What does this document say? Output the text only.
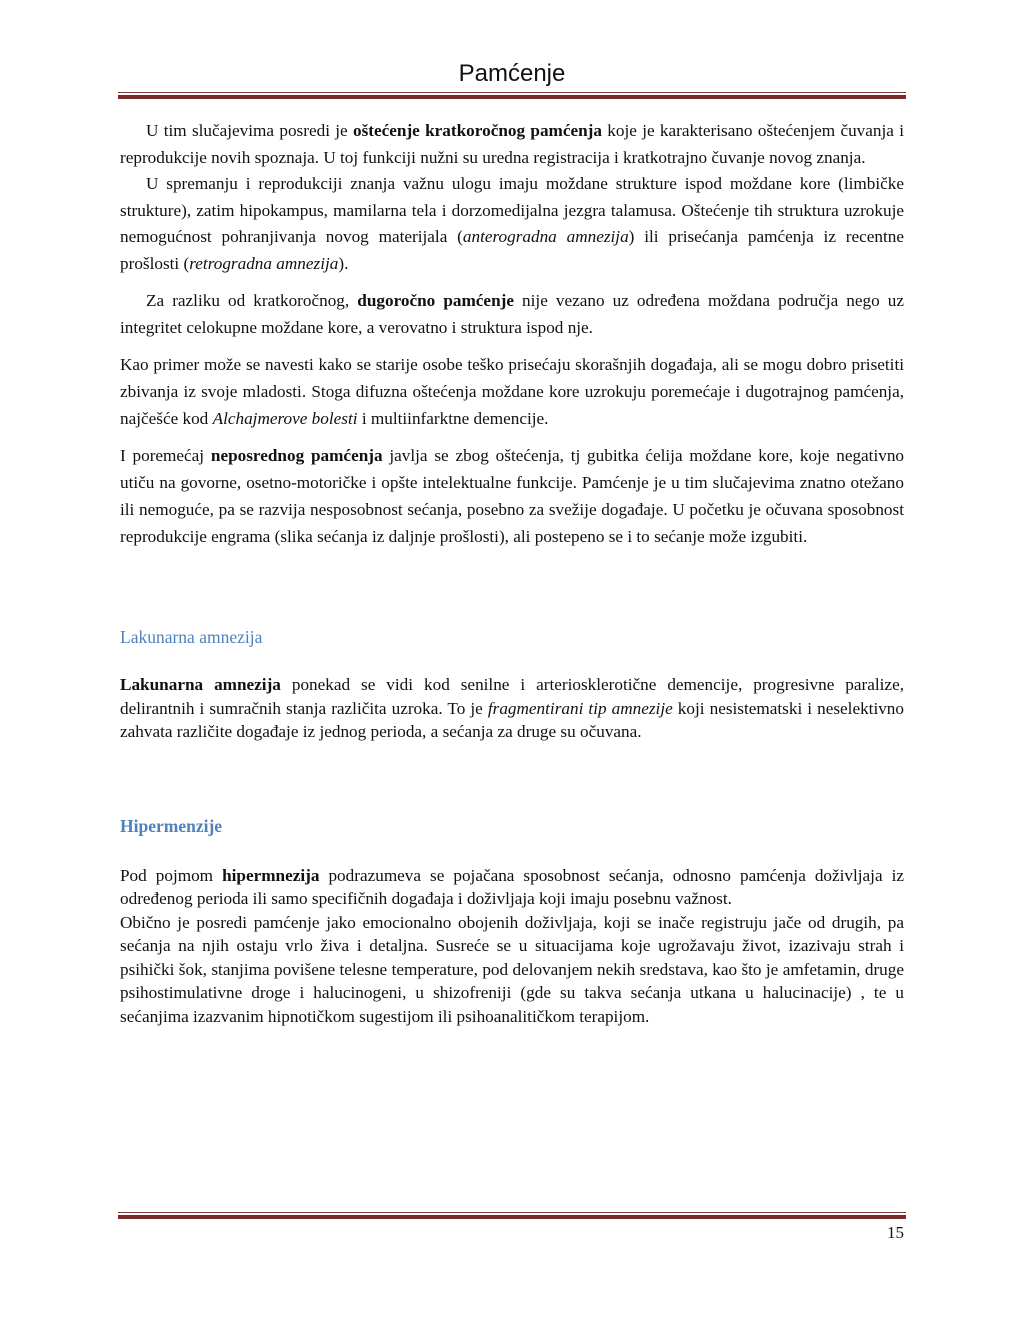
Pamćenje

U tim slučajevima posredi je oštećenje kratkoročnog pamćenja koje je karakterisano oštećenjem čuvanja i reprodukcije novih spoznaja. U toj funkciji nužni su uredna registracija i kratkotrajno čuvanje novog znanja.

U spremanju i reprodukciji znanja važnu ulogu imaju moždane strukture ispod moždane kore (limbičke strukture), zatim hipokampus, mamilarna tela i dorzomedijalna jezgra talamusa. Oštećenje tih struktura uzrokuje nemogućnost pohranjivanja novog materijala (anterogradna amnezija) ili prisećanja pamćenja iz recentne prošlosti (retrogradna amnezija).

Za razliku od kratkoročnog, dugoročno pamćenje nije vezano uz određena moždana područja nego uz integritet celokupne moždane kore, a verovatno i struktura ispod nje.

Kao primer može se navesti kako se starije osobe teško prisećaju skorašnjih događaja, ali se mogu dobro prisetiti zbivanja iz svoje mladosti. Stoga difuzna oštećenja moždane kore uzrokuju poremećaje i dugotrajnog pamćenja, najčešće kod Alchajmerove bolesti i multiinfarktne demencije.

I poremećaj neposrednog pamćenja javlja se zbog oštećenja, tj gubitka ćelija moždane kore, koje negativno utiču na govorne, osetno-motoričke i opšte intelektualne funkcije. Pamćenje je u tim slučajevima znatno otežano ili nemoguće, pa se razvija nesposobnost sećanja, posebno za svežije događaje. U početku je očuvana sposobnost reprodukcije engrama (slika sećanja iz daljnje prošlosti), ali postepeno se i to sećanje može izgubiti.

Lakunarna amnezija

Lakunarna amnezija ponekad se vidi kod senilne i arteriosklerotične demencije, progresivne paralize, delirantnih i sumračnih stanja različita uzroka. To je fragmentirani tip amnezije koji nesistematski i neselektivno zahvata različite događaje iz jednog perioda, a sećanja za druge su očuvana.

Hipermenzije

Pod pojmom hipermnezija podrazumeva se pojačana sposobnost sećanja, odnosno pamćenja doživljaja iz određenog perioda ili samo specifičnih događaja i doživljaja koji imaju posebnu važnost.

Obično je posredi pamćenje jako emocionalno obojenih doživljaja, koji se inače registruju jače od drugih, pa sećanja na njih ostaju vrlo živa i detaljna. Susreće se u situacijama koje ugrožavaju život, izazivaju strah i psihički šok, stanjima povišene telesne temperature, pod delovanjem nekih sredstava, kao što je amfetamin, druge psihostimulativne droge i halucinogeni, u shizofreniji (gde su takva sećanja utkana u halucinacije) , te u sećanjima izazvanim hipnotičkom sugestijom ili psihoanalitičkom terapijom.

15
